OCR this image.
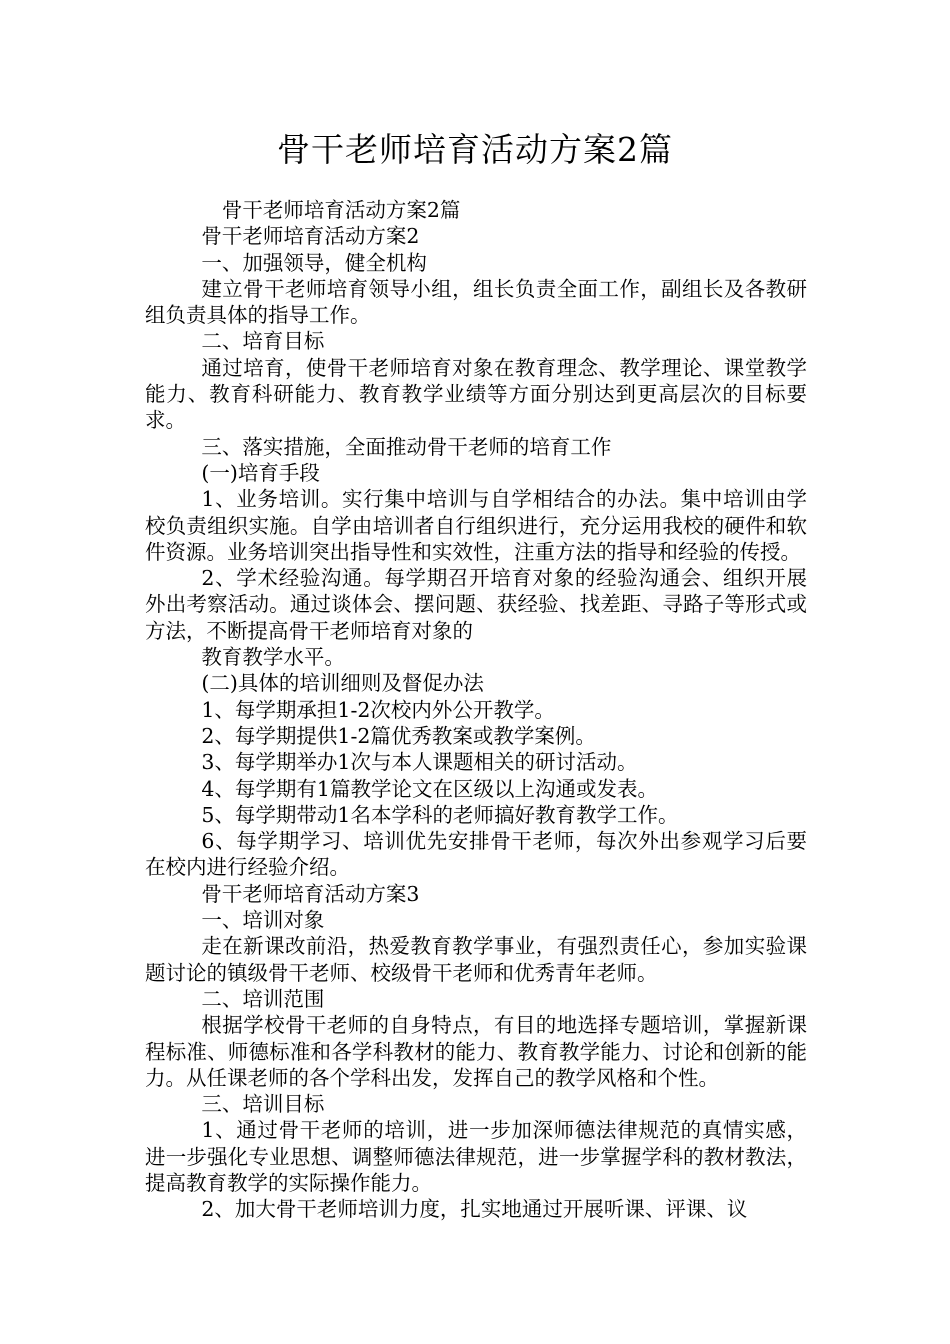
骨干老师培育活动方案2篇

骨干老师培育活动方案2篇

骨干老师培育活动方案2

一、加强领导，健全机构

建立骨干老师培育领导小组，组长负责全面工作，副组长及各教研组负责具体的指导工作。

二、培育目标

通过培育，使骨干老师培育对象在教育理念、教学理论、课堂教学能力、教育科研能力、教育教学业绩等方面分别达到更高层次的目标要求。

三、落实措施，全面推动骨干老师的培育工作

(一)培育手段

1、业务培训。实行集中培训与自学相结合的办法。集中培训由学校负责组织实施。自学由培训者自行组织进行，充分运用我校的硬件和软件资源。业务培训突出指导性和实效性，注重方法的指导和经验的传授。

2、学术经验沟通。每学期召开培育对象的经验沟通会、组织开展外出考察活动。通过谈体会、摆问题、获经验、找差距、寻路子等形式或方法，不断提高骨干老师培育对象的

教育教学水平。

(二)具体的培训细则及督促办法

1、每学期承担1-2次校内外公开教学。

2、每学期提供1-2篇优秀教案或教学案例。

3、每学期举办1次与本人课题相关的研讨活动。

4、每学期有1篇教学论文在区级以上沟通或发表。

5、每学期带动1名本学科的老师搞好教育教学工作。

6、每学期学习、培训优先安排骨干老师，每次外出参观学习后要在校内进行经验介绍。

骨干老师培育活动方案3

一、培训对象

走在新课改前沿，热爱教育教学事业，有强烈责任心，参加实验课题讨论的镇级骨干老师、校级骨干老师和优秀青年老师。

二、培训范围

根据学校骨干老师的自身特点，有目的地选择专题培训，掌握新课程标准、师德标准和各学科教材的能力、教育教学能力、讨论和创新的能力。从任课老师的各个学科出发，发挥自己的教学风格和个性。

三、培训目标

1、通过骨干老师的培训，进一步加深师德法律规范的真情实感，进一步强化专业思想、调整师德法律规范，进一步掌握学科的教材教法，提高教育教学的实际操作能力。

2、加大骨干老师培训力度，扎实地通过开展听课、评课、议
